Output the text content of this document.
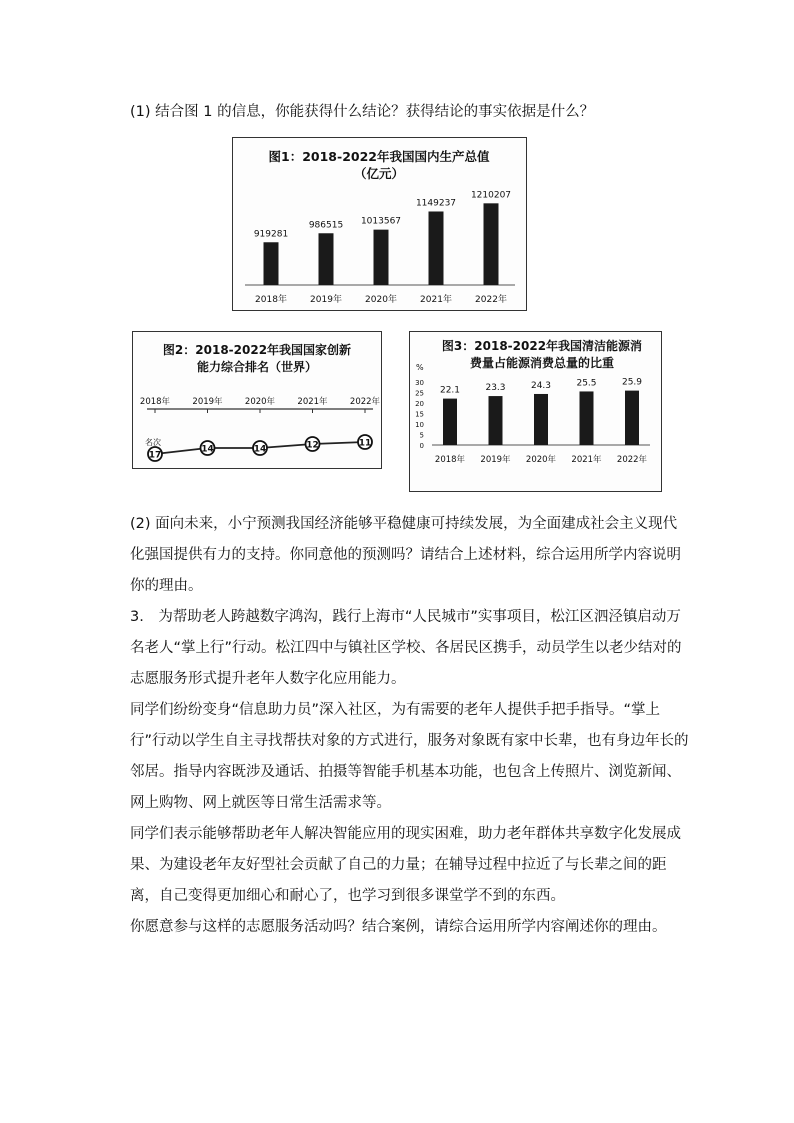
(1) 结合图 1 的信息，你能获得什么结论？获得结论的事实依据是什么？

图1：2018-2022年我国国内生产总值
（亿元）
919281
2018年
986515
2019年
1013567
2020年
1149237
2021年
1210207
2022年
图2：2018-2022年我国国家创新
能力综合排名（世界）
名次
2018年	2019年	2020年	2021年	2022年
17
14	14	12	11
图3：2018-2022年我国清洁能源消
费量占能源消费总量的比重
%
30
25
20
15
10
5
0
22.1
2018年
23.3
2019年
24.3
2020年
25.5
2021年
25.9
2022年

(2) 面向未来，小宁预测我国经济能够平稳健康可持续发展，为全面建成社会主义现代化强国提供有力的支持。你同意他的预测吗？请结合上述材料，综合运用所学内容说明你的理由。

3.　为帮助老人跨越数字鸿沟，践行上海市“人民城市”实事项目，松江区泗泾镇启动万名老人“掌上行”行动。松江四中与镇社区学校、各居民区携手，动员学生以老少结对的志愿服务形式提升老年人数字化应用能力。

同学们纷纷变身“信息助力员”深入社区，为有需要的老年人提供手把手指导。“掌上行”行动以学生自主寻找帮扶对象的方式进行，服务对象既有家中长辈，也有身边年长的邻居。指导内容既涉及通话、拍摄等智能手机基本功能，也包含上传照片、浏览新闻、网上购物、网上就医等日常生活需求等。

同学们表示能够帮助老年人解决智能应用的现实困难，助力老年群体共享数字化发展成果、为建设老年友好型社会贡献了自己的力量；在辅导过程中拉近了与长辈之间的距离，自己变得更加细心和耐心了，也学习到很多课堂学不到的东西。

你愿意参与这样的志愿服务活动吗？结合案例，请综合运用所学内容阐述你的理由。
